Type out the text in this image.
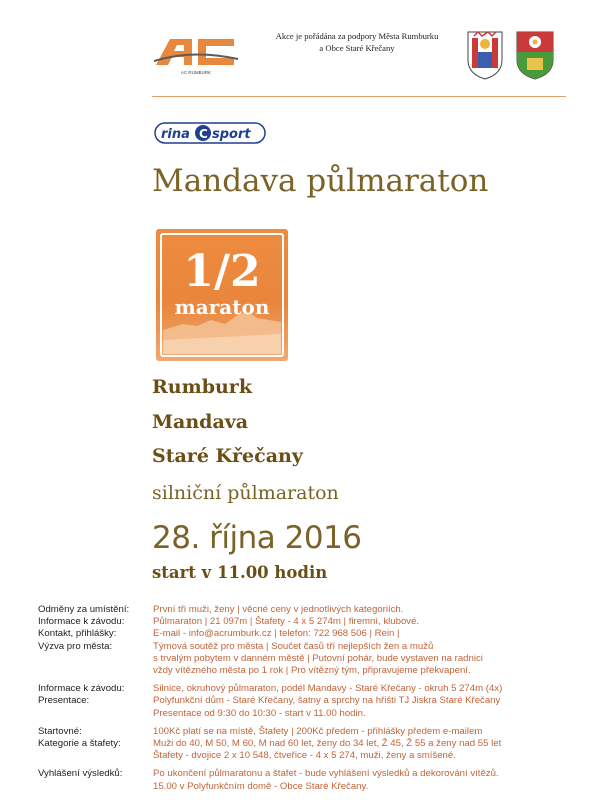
AC RUMBURK
Akce je pořádána za podpory Města Rumburku
a Obce Staré Křečany
rina C sport
Mandava půlmaraton
1/2
maraton
Rumburk
Mandava
Staré Křečany
silniční půlmaraton
28. října 2016
start v 11.00 hodin
Odměny za umístění:	První tři muži, ženy | věcné ceny v jednotlivých kategoriích.
Informace k závodu:	Půlmaraton | 21 097m | Štafety - 4 x 5 274m | firemní, klubové.
Kontakt, přihlášky:	E-mail - info@acrumburk.cz | telefon: 722 968 506 | Rein |
Výzva pro města:	Týmová soutěž pro města | Součet časů tří nejlepších žen a mužů
s trvalým pobytem v danném městě | Putovní pohár, bude vystaven na radnici
vždy vítězného města po 1 rok | Pro vítězný tým, připravujeme překvapení.
Informace k závodu:	Silnice, okruhový půlmaraton, podél Mandavy - Staré Křečany - okruh 5 274m (4x)
Presentace:	Polyfunkční dům - Staré Křečany, šatny a sprchy na hřišti TJ Jiskra Staré Křečany
Presentace od 9:30 do 10:30 - start v 11.00 hodin.
Startovné:	100Kč platí se na místě, Štafety | 200Kč předem - přihlášky předem e-mailem
Kategorie a štafety:	Muži do 40, M 50, M 60, M nad 60 let, ženy do 34 let, Ž 45, Ž 55 a ženy nad 55 let
Štafety - dvojice 2 x 10 548, čtveřice - 4 x 5 274, muži, ženy a smíšené.
Vyhlášení výsledků:	Po ukončení půlmaratonu a štafet - bude vyhlášení výsledků a dekorování vítězů.
15.00 v Polyfunkčním domě - Obce Staré Křečany.
